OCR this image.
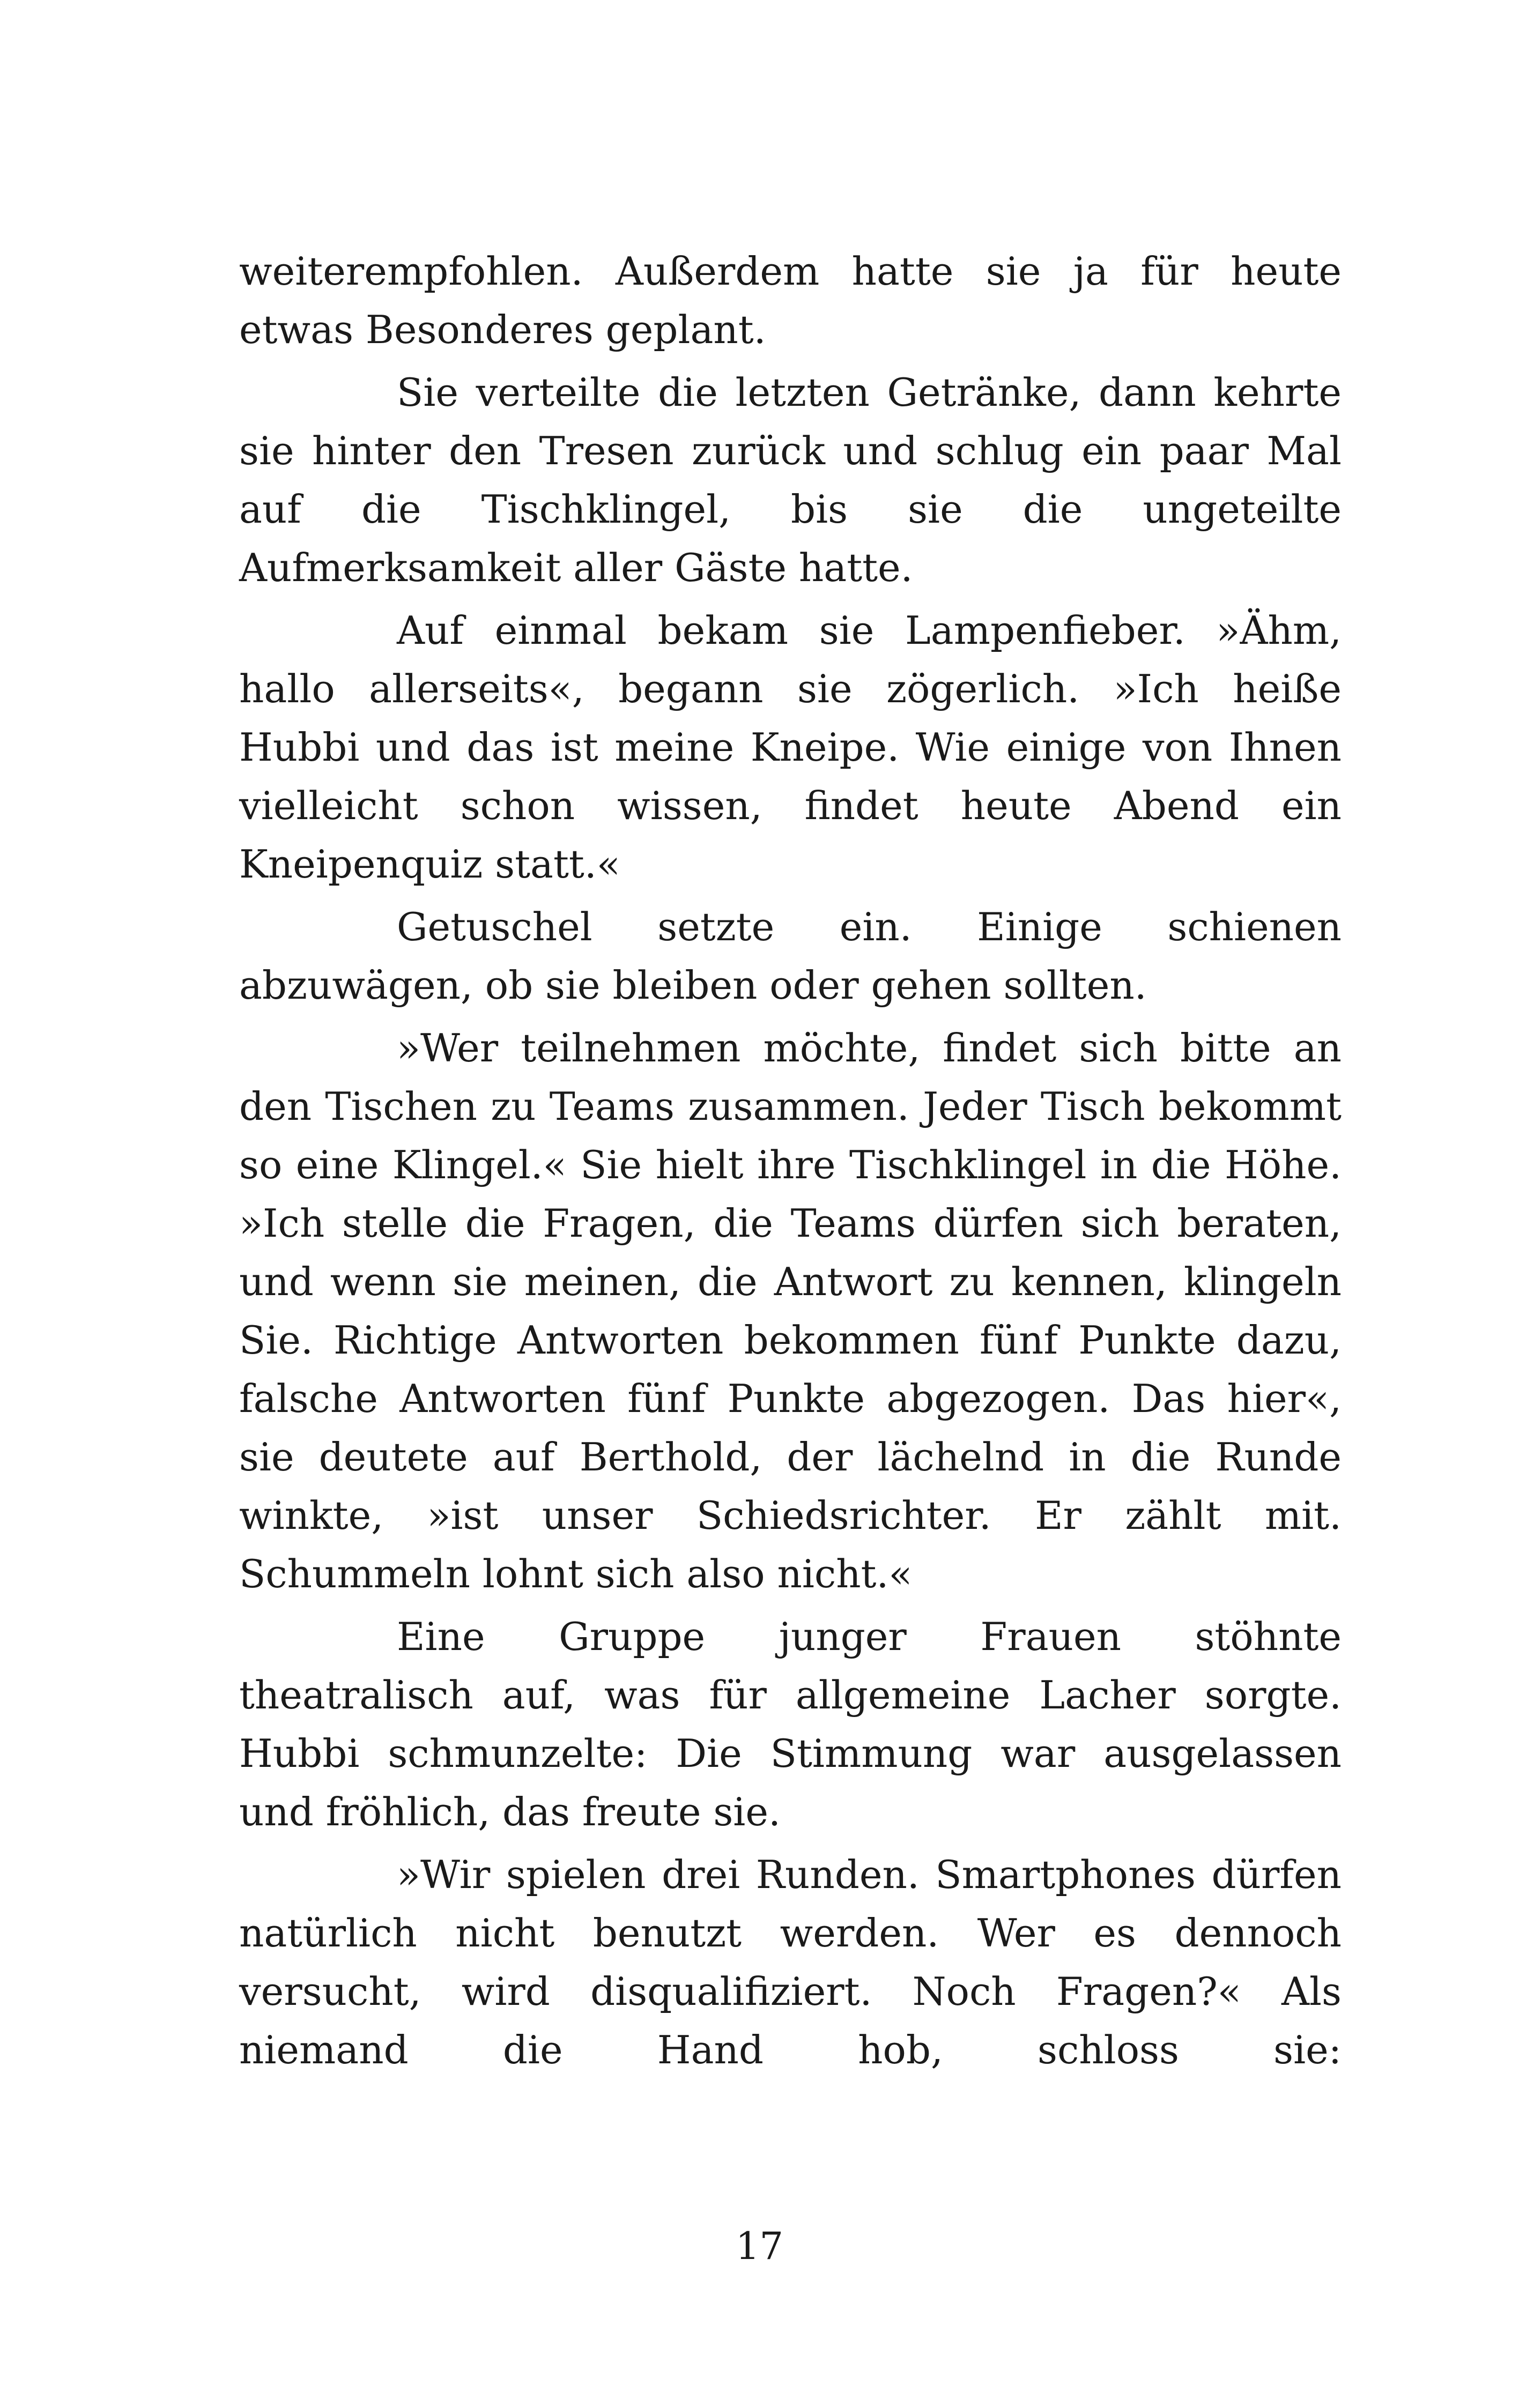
weiterempfohlen. Außerdem hatte sie ja für heute etwas Besonderes geplant.

Sie verteilte die letzten Getränke, dann kehrte sie hinter den Tresen zurück und schlug ein paar Mal auf die Tischklingel, bis sie die ungeteilte Aufmerksamkeit aller Gäste hatte.

Auf einmal bekam sie Lampenfieber. »Ähm, hallo allerseits«, begann sie zögerlich. »Ich heiße Hubbi und das ist meine Kneipe. Wie einige von Ihnen vielleicht schon wissen, findet heute Abend ein Kneipenquiz statt.«

Getuschel setzte ein. Einige schienen abzuwägen, ob sie bleiben oder gehen sollten.

»Wer teilnehmen möchte, findet sich bitte an den Tischen zu Teams zusammen. Jeder Tisch bekommt so eine Klingel.« Sie hielt ihre Tischklingel in die Höhe. »Ich stelle die Fragen, die Teams dürfen sich beraten, und wenn sie meinen, die Antwort zu kennen, klingeln Sie. Richtige Antworten bekommen fünf Punkte dazu, falsche Antworten fünf Punkte abgezogen. Das hier«, sie deutete auf Berthold, der lächelnd in die Runde winkte, »ist unser Schiedsrichter. Er zählt mit. Schummeln lohnt sich also nicht.«

Eine Gruppe junger Frauen stöhnte theatralisch auf, was für allgemeine Lacher sorgte. Hubbi schmunzelte: Die Stimmung war ausgelassen und fröhlich, das freute sie.

»Wir spielen drei Runden. Smartphones dürfen natürlich nicht benutzt werden. Wer es dennoch versucht, wird disqualifiziert. Noch Fragen?« Als niemand die Hand hob, schloss sie:

17
